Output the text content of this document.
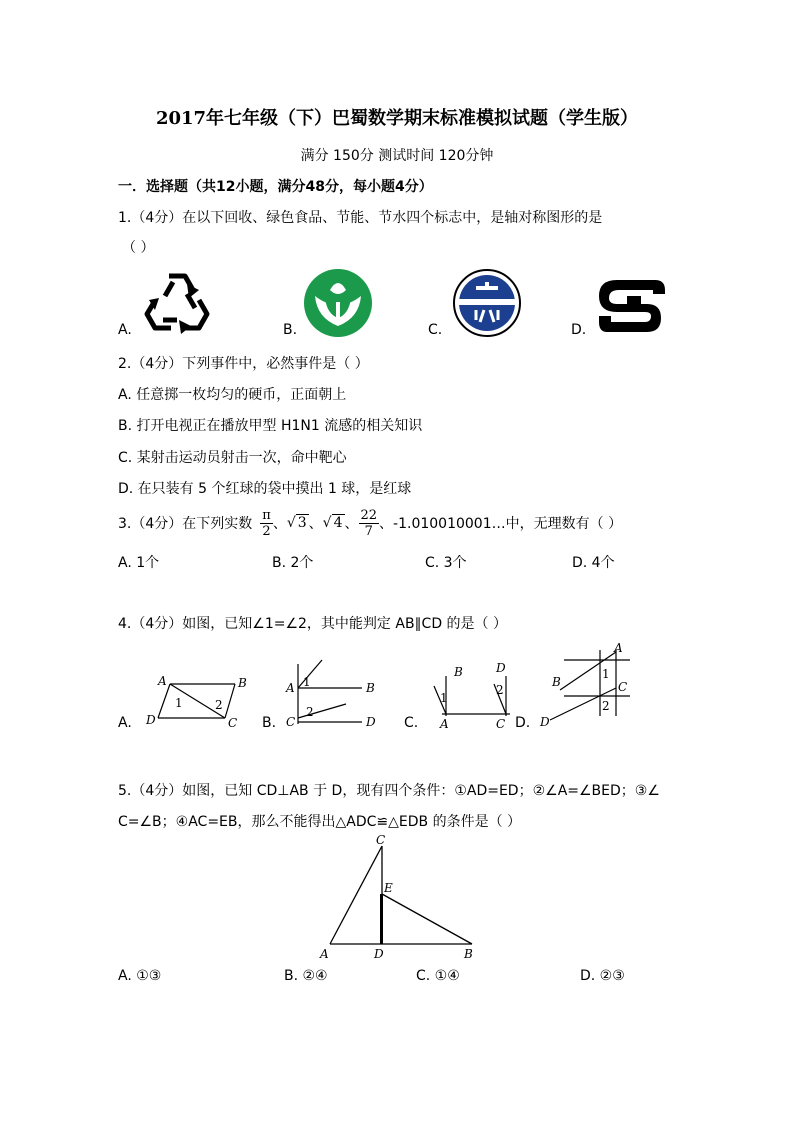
2017年七年级（下）巴蜀数学期末标准模拟试题（学生版）
满分 150分 测试时间 120分钟
一．选择题（共12小题，满分48分，每小题4分）
1.（4分）在以下回收、绿色食品、节能、节水四个标志中，是轴对称图形的是
（ ）
A.	B.	C.	D.
2.（4分）下列事件中，必然事件是（ ）
A. 任意掷一枚均匀的硬币，正面朝上
B. 打开电视正在播放甲型 H1N1 流感的相关知识
C. 某射击运动员射击一次，命中靶心
D. 在只装有 5 个红球的袋中摸出 1 球，是红球
3.（4分）在下列实数 $\frac{\pi}{2}$ 、 √ 3 、 √ 4 、 $\frac{22}{7}$ 、-1.010010001…中，无理数有（ ）
A. 1个	B. 2个	C. 3个	D. 4个
4.（4分）如图，已知∠1=∠2，其中能判定 AB∥CD 的是（ ）
A.
A	B
D	C
1	2
B.
A	B
C	D
1
2
C.
B	D
A	C
1
2
D.
A
B	C
D
1
2
5.（4分）如图，已知 CD⊥AB 于 D，现有四个条件：①AD=ED；②∠A=∠BED；③∠
C=∠B；④AC=EB，那么不能得出△ADC≌△EDB 的条件是（ ）
C
E
A	D	B
A. ①③	B. ②④	C. ①④	D. ②③
